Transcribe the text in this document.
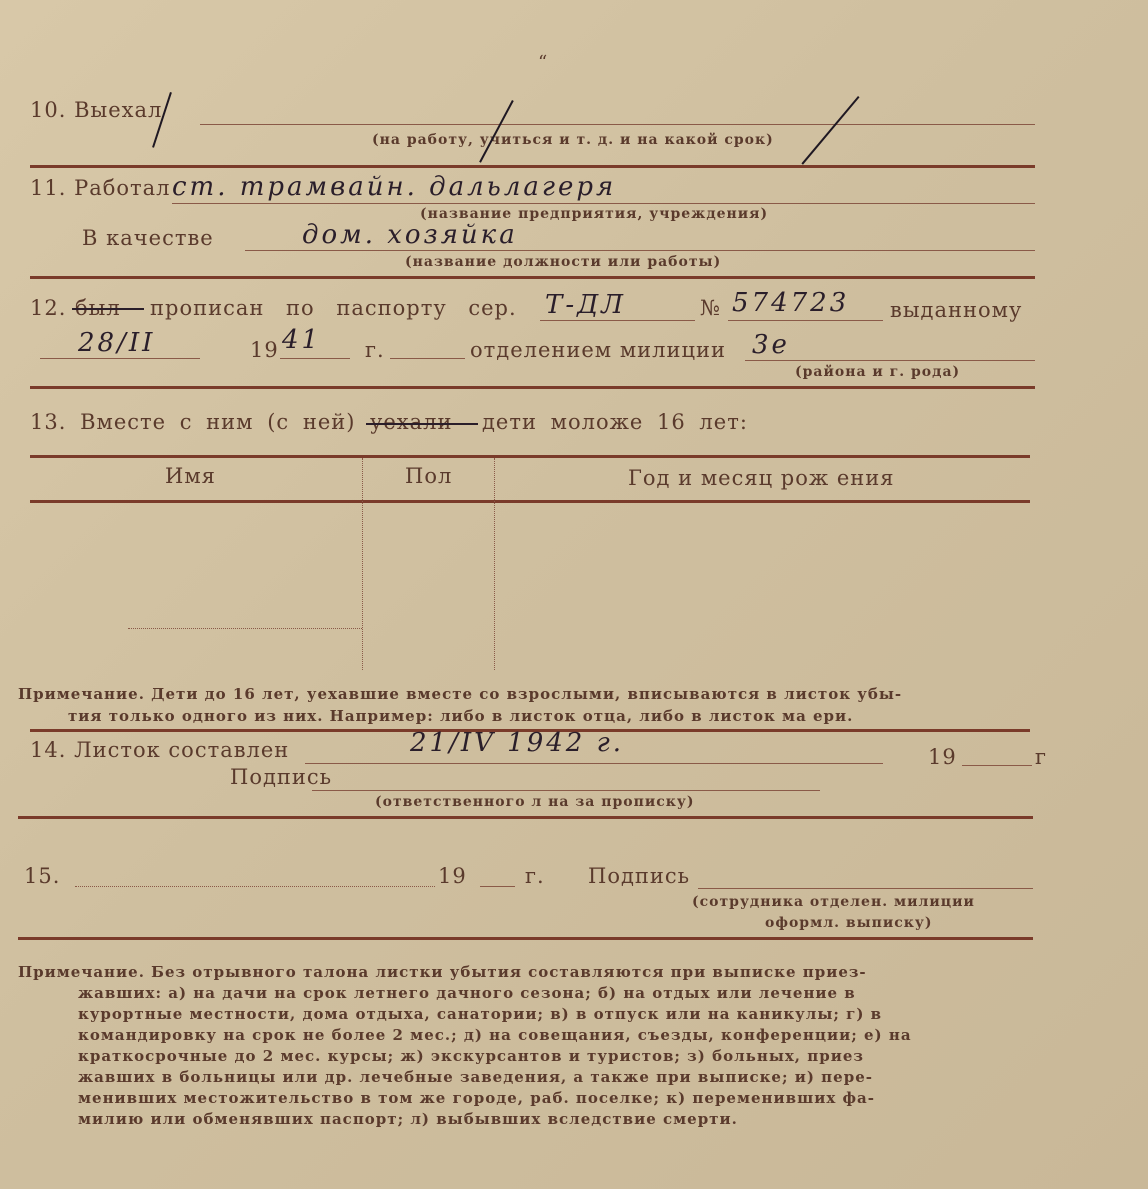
“
10. Выехал
(на работу, учиться и т. д. и на какой срок)
11. Работал ст. трамвайн. дальлагеря
(название предприятия, учреждения)
В качестве	дом. хозяйка
(название должности или работы)
12. был прописан по паспорту сер. Т-ДЛ	№ 574723 выданному
28/II	19 41 г.	отделением милиции 3е
(района и г. рода)
13. Вместе с ним (с ней) уехали дети моложе 16 лет:
Имя	Пол	Год и месяц рож ения
Примечание. Дети до 16 лет, уехавшие вместе со взрослыми, вписываются в листок убы-
тия только одного из них. Например: либо в листок отца, либо в листок ма ери.
14. Листок составлен	21/IV 1942 г.	19	г
Подпись
(ответственного л на за прописку)
15.	19	г. Подпись
(сотрудника отделен. милиции
оформл. выписку)
Примечание. Без отрывного талона листки убытия составляются при выписке приез-
жавших: а) на дачи на срок летнего дачного сезона; б) на отдых или лечение в
курортные местности, дома отдыха, санатории; в) в отпуск или на каникулы; г) в
командировку на срок не более 2 мес.; д) на совещания, съезды, конференции; е) на
краткосрочные до 2 мес. курсы; ж) экскурсантов и туристов; з) больных, приез
жавших в больницы или др. лечебные заведения, а также при выписке; и) пере-
менивших местожительство в том же городе, раб. поселке; к) переменивших фа-
милию или обменявших паспорт; л) выбывших вследствие смерти.
